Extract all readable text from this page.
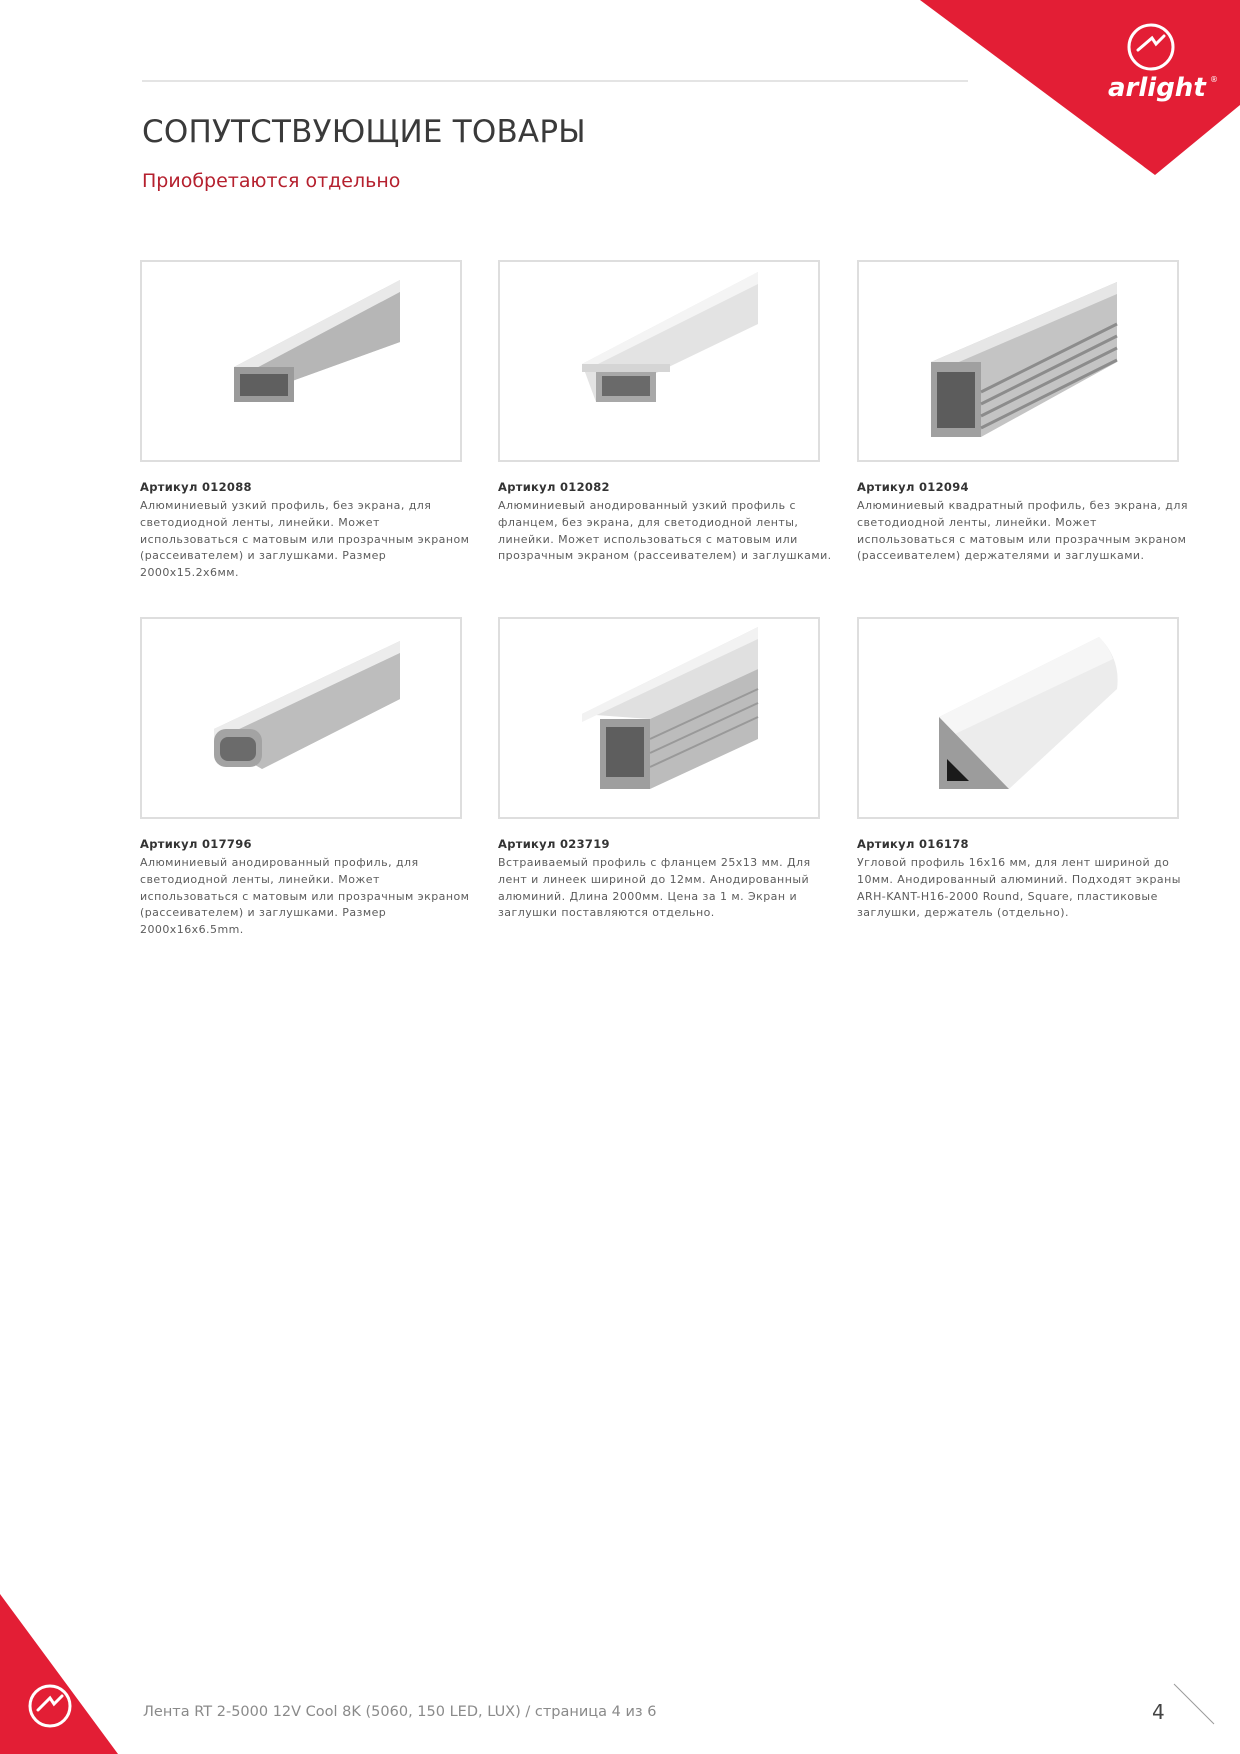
arlight ®
СОПУТСТВУЮЩИЕ ТОВАРЫ
Приобретаются отдельно
Артикул 012088
Алюминиевый узкий профиль, без экрана, для светодиодной ленты, линейки. Может использоваться с матовым или прозрачным экраном (рассеивателем) и заглушками. Размер 2000x15.2x6мм.
Артикул 012082
Алюминиевый анодированный узкий профиль с фланцем, без экрана, для светодиодной ленты, линейки. Может использоваться с матовым или прозрачным экраном (рассеивателем) и заглушками.
Артикул 012094
Алюминиевый квадратный профиль, без экрана, для светодиодной ленты, линейки. Может использоваться с матовым или прозрачным экраном (рассеивателем) держателями и заглушками.
Артикул 017796
Алюминиевый анодированный профиль, для светодиодной ленты, линейки. Может использоваться с матовым или прозрачным экраном (рассеивателем) и заглушками. Размер 2000x16x6.5mm.
Артикул 023719
Встраиваемый профиль с фланцем 25x13 мм. Для лент и линеек шириной до 12мм. Анодированный алюминий. Длина 2000мм. Цена за 1 м. Экран и заглушки поставляются отдельно.
Артикул 016178
Угловой профиль 16x16 мм, для лент шириной до 10мм. Анодированный алюминий. Подходят экраны ARH-KANT-H16-2000 Round, Square, пластиковые заглушки, держатель (отдельно).
Лента RT 2-5000 12V Cool 8K (5060, 150 LED, LUX) / страница 4 из 6	4
